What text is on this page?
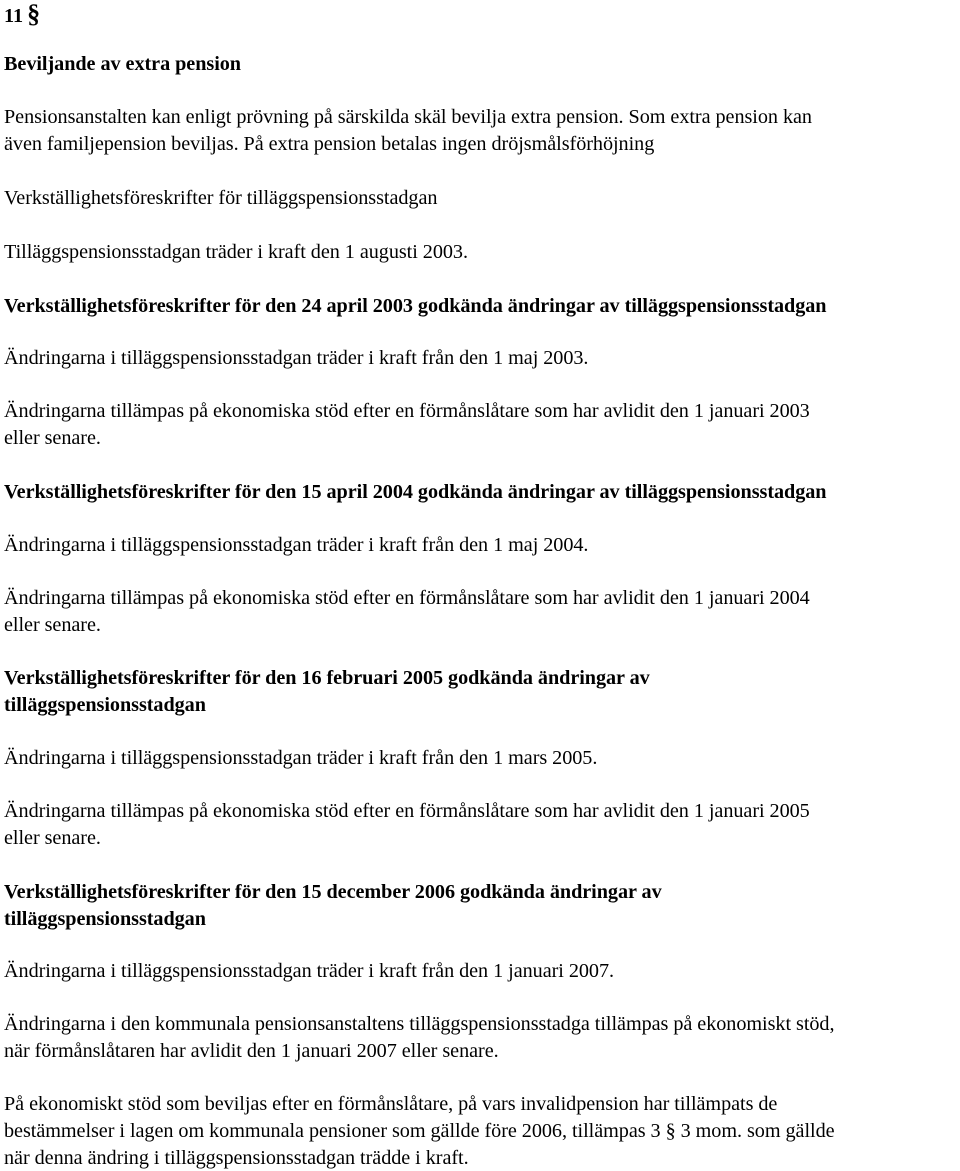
11 §
Beviljande av extra pension
Pensionsanstalten kan enligt prövning på särskilda skäl bevilja extra pension. Som extra pension kan
även familjepension beviljas. På extra pension betalas ingen dröjsmålsförhöjning
Verkställighetsföreskrifter för tilläggspensionsstadgan
Tilläggspensionsstadgan träder i kraft den 1 augusti 2003.
Verkställighetsföreskrifter för den 24 april 2003 godkända ändringar av tilläggspensionsstadgan
Ändringarna i tilläggspensionsstadgan träder i kraft från den 1 maj 2003.
Ändringarna tillämpas på ekonomiska stöd efter en förmånslåtare som har avlidit den 1 januari 2003
eller senare.
Verkställighetsföreskrifter för den 15 april 2004 godkända ändringar av tilläggspensionsstadgan
Ändringarna i tilläggspensionsstadgan träder i kraft från den 1 maj 2004.
Ändringarna tillämpas på ekonomiska stöd efter en förmånslåtare som har avlidit den 1 januari 2004
eller senare.
Verkställighetsföreskrifter för den 16 februari 2005 godkända ändringar av
tilläggspensionsstadgan
Ändringarna i tilläggspensionsstadgan träder i kraft från den 1 mars 2005.
Ändringarna tillämpas på ekonomiska stöd efter en förmånslåtare som har avlidit den 1 januari 2005
eller senare.
Verkställighetsföreskrifter för den 15 december 2006 godkända ändringar av
tilläggspensionsstadgan
Ändringarna i tilläggspensionsstadgan träder i kraft från den 1 januari 2007.
Ändringarna i den kommunala pensionsanstaltens tilläggspensionsstadga tillämpas på ekonomiskt stöd,
när förmånslåtaren har avlidit den 1 januari 2007 eller senare.
På ekonomiskt stöd som beviljas efter en förmånslåtare, på vars invalidpension har tillämpats de
bestämmelser i lagen om kommunala pensioner som gällde före 2006, tillämpas 3 § 3 mom. som gällde
när denna ändring i tilläggspensionsstadgan trädde i kraft.
